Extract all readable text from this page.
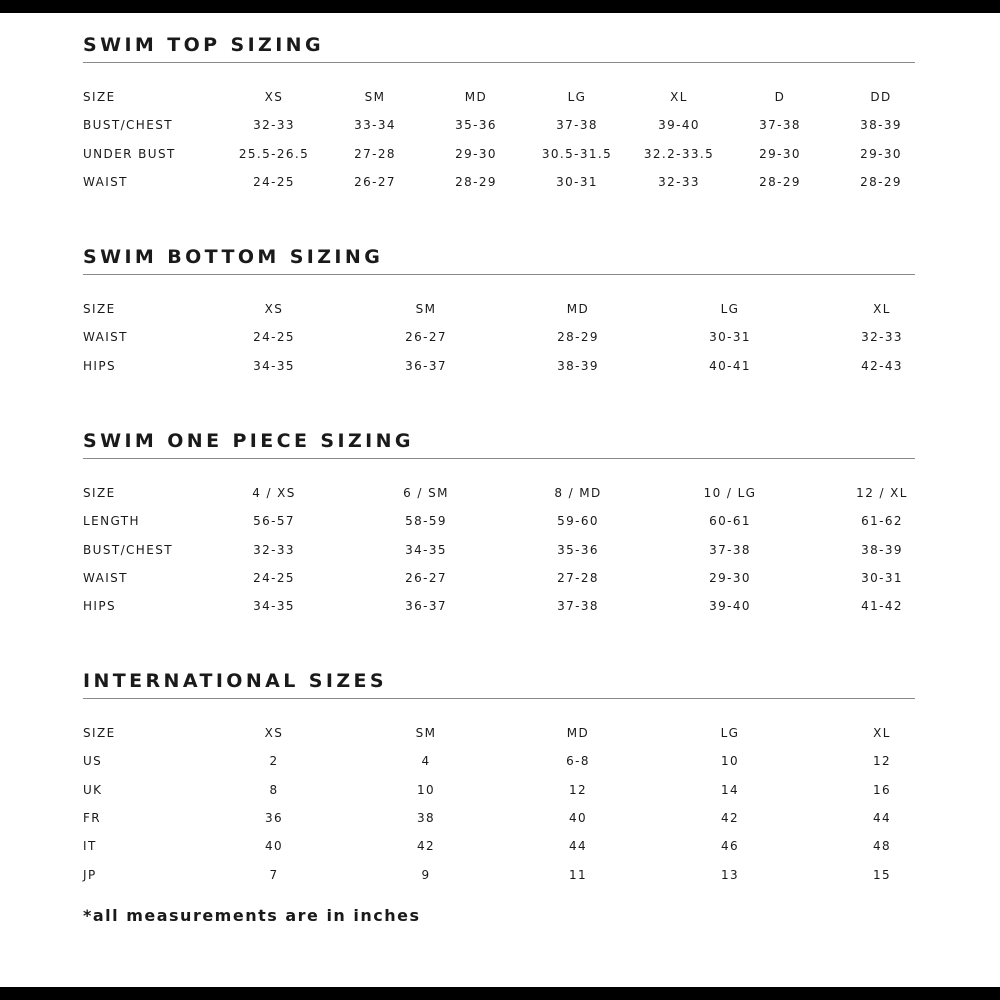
SWIM TOP SIZING
SIZE	XS	SM	MD	LG	XL	D	DD
BUST/CHEST	32-33	33-34	35-36	37-38	39-40	37-38	38-39
UNDER BUST	25.5-26.5	27-28	29-30	30.5-31.5	32.2-33.5	29-30	29-30
WAIST	24-25	26-27	28-29	30-31	32-33	28-29	28-29
SWIM BOTTOM SIZING
SIZE	XS	SM	MD	LG	XL
WAIST	24-25	26-27	28-29	30-31	32-33
HIPS	34-35	36-37	38-39	40-41	42-43
SWIM ONE PIECE SIZING
SIZE	4 / XS	6 / SM	8 / MD	10 / LG	12 / XL
LENGTH	56-57	58-59	59-60	60-61	61-62
BUST/CHEST	32-33	34-35	35-36	37-38	38-39
WAIST	24-25	26-27	27-28	29-30	30-31
HIPS	34-35	36-37	37-38	39-40	41-42
INTERNATIONAL SIZES
SIZE	XS	SM	MD	LG	XL
US	2	4	6-8	10	12
UK	8	10	12	14	16
FR	36	38	40	42	44
IT	40	42	44	46	48
JP	7	9	11	13	15
*all measurements are in inches
